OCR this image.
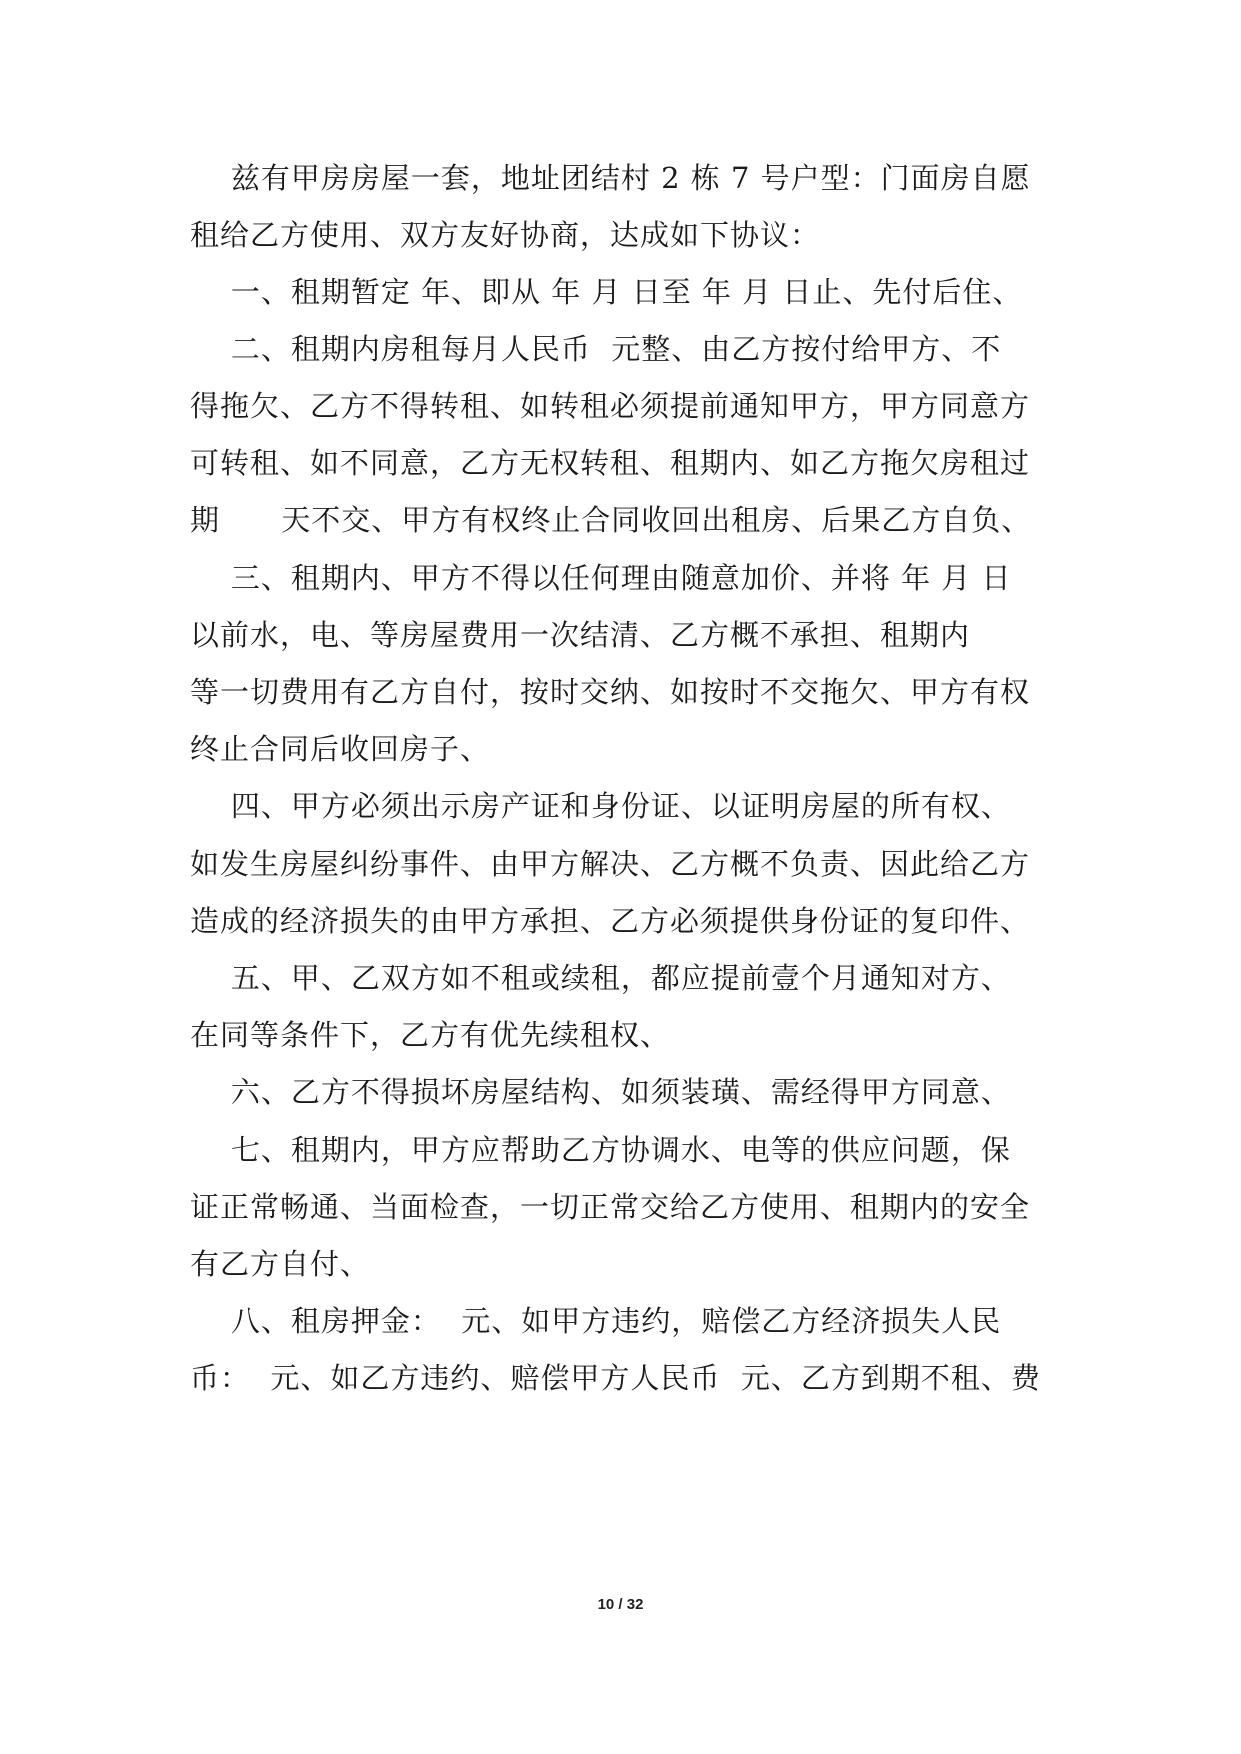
兹有甲房房屋一套，地址团结村 2 栋 7 号户型：门面房自愿
租给乙方使用、双方友好协商，达成如下协议：
一、租期暂定 年、即从 年 月 日至 年 月 日止、先付后住、
二、租期内房租每月人民币  元整、由乙方按付给甲方、不
得拖欠、乙方不得转租、如转租必须提前通知甲方，甲方同意方
可转租、如不同意，乙方无权转租、租期内、如乙方拖欠房租过
期      天不交、甲方有权终止合同收回出租房、后果乙方自负、
三、租期内、甲方不得以任何理由随意加价、并将 年 月 日
以前水，电、等房屋费用一次结清、乙方概不承担、租期内
等一切费用有乙方自付，按时交纳、如按时不交拖欠、甲方有权
终止合同后收回房子、
四、甲方必须出示房产证和身份证、以证明房屋的所有权、
如发生房屋纠纷事件、由甲方解决、乙方概不负责、因此给乙方
造成的经济损失的由甲方承担、乙方必须提供身份证的复印件、
五、甲、乙双方如不租或续租，都应提前壹个月通知对方、
在同等条件下，乙方有优先续租权、
六、乙方不得损坏房屋结构、如须装璜、需经得甲方同意、
七、租期内，甲方应帮助乙方协调水、电等的供应问题，保
证正常畅通、当面检查，一切正常交给乙方使用、租期内的安全
有乙方自付、
八、租房押金：  元、如甲方违约，赔偿乙方经济损失人民
币：  元、如乙方违约、赔偿甲方人民币  元、乙方到期不租、费
10 / 32
